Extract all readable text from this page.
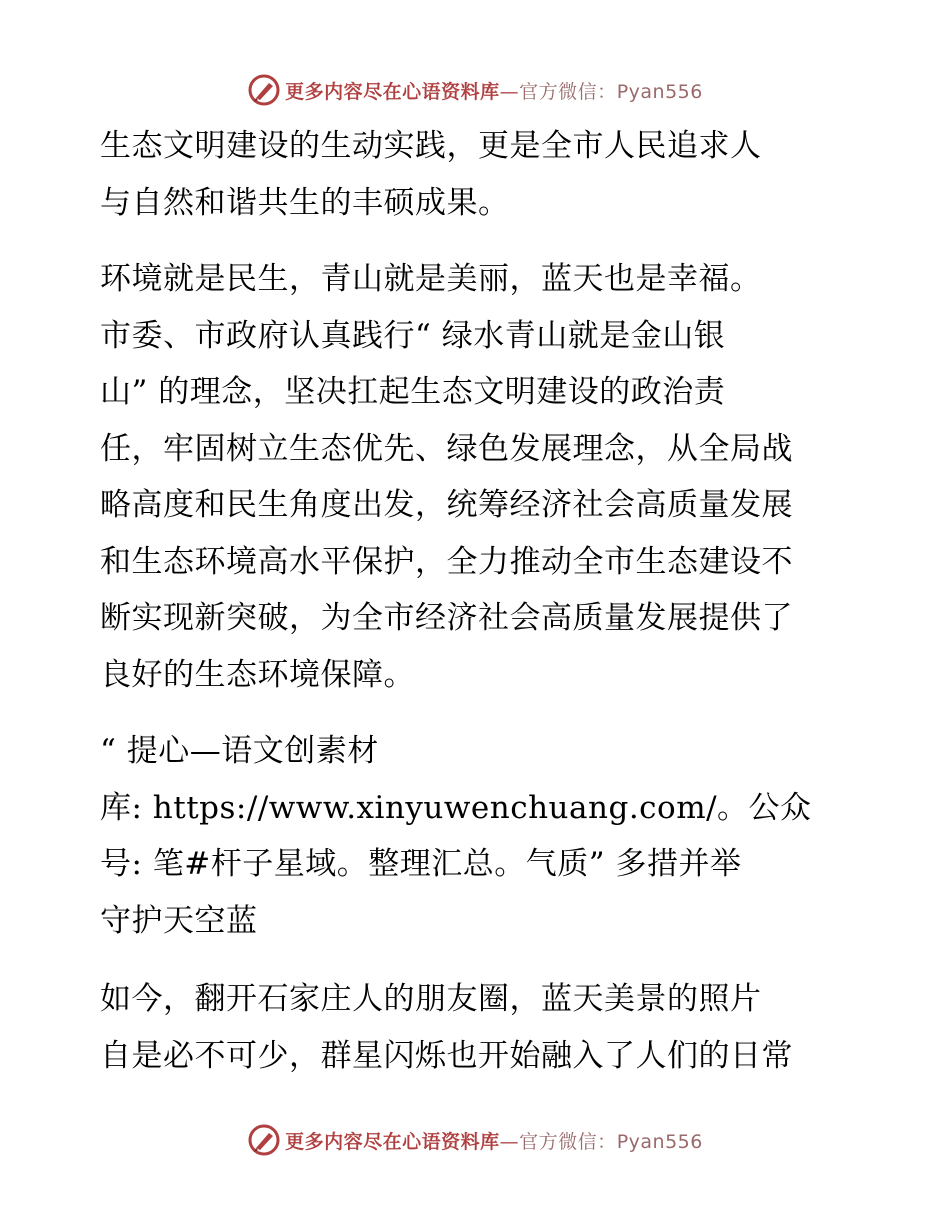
更多内容尽在心语资料库—官方微信：Pyan556

生态文明建设的生动实践，更是全市人民追求人
与自然和谐共生的丰硕成果。

环境就是民生，青山就是美丽，蓝天也是幸福。
市委、市政府认真践行“ 绿水青山就是金山银
山” 的理念，坚决扛起生态文明建设的政治责
任，牢固树立生态优先、绿色发展理念，从全局战
略高度和民生角度出发，统筹经济社会高质量发展
和生态环境高水平保护，全力推动全市生态建设不
断实现新突破，为全市经济社会高质量发展提供了
良好的生态环境保障。

“ 提心—语文创素材
库: https://www.xinyuwenchuang.com/。公众
号: 笔#杆子星域。整理汇总。气质” 多措并举
守护天空蓝

如今，翻开石家庄人的朋友圈，蓝天美景的照片
自是必不可少，群星闪烁也开始融入了人们的日常

更多内容尽在心语资料库—官方微信：Pyan556
